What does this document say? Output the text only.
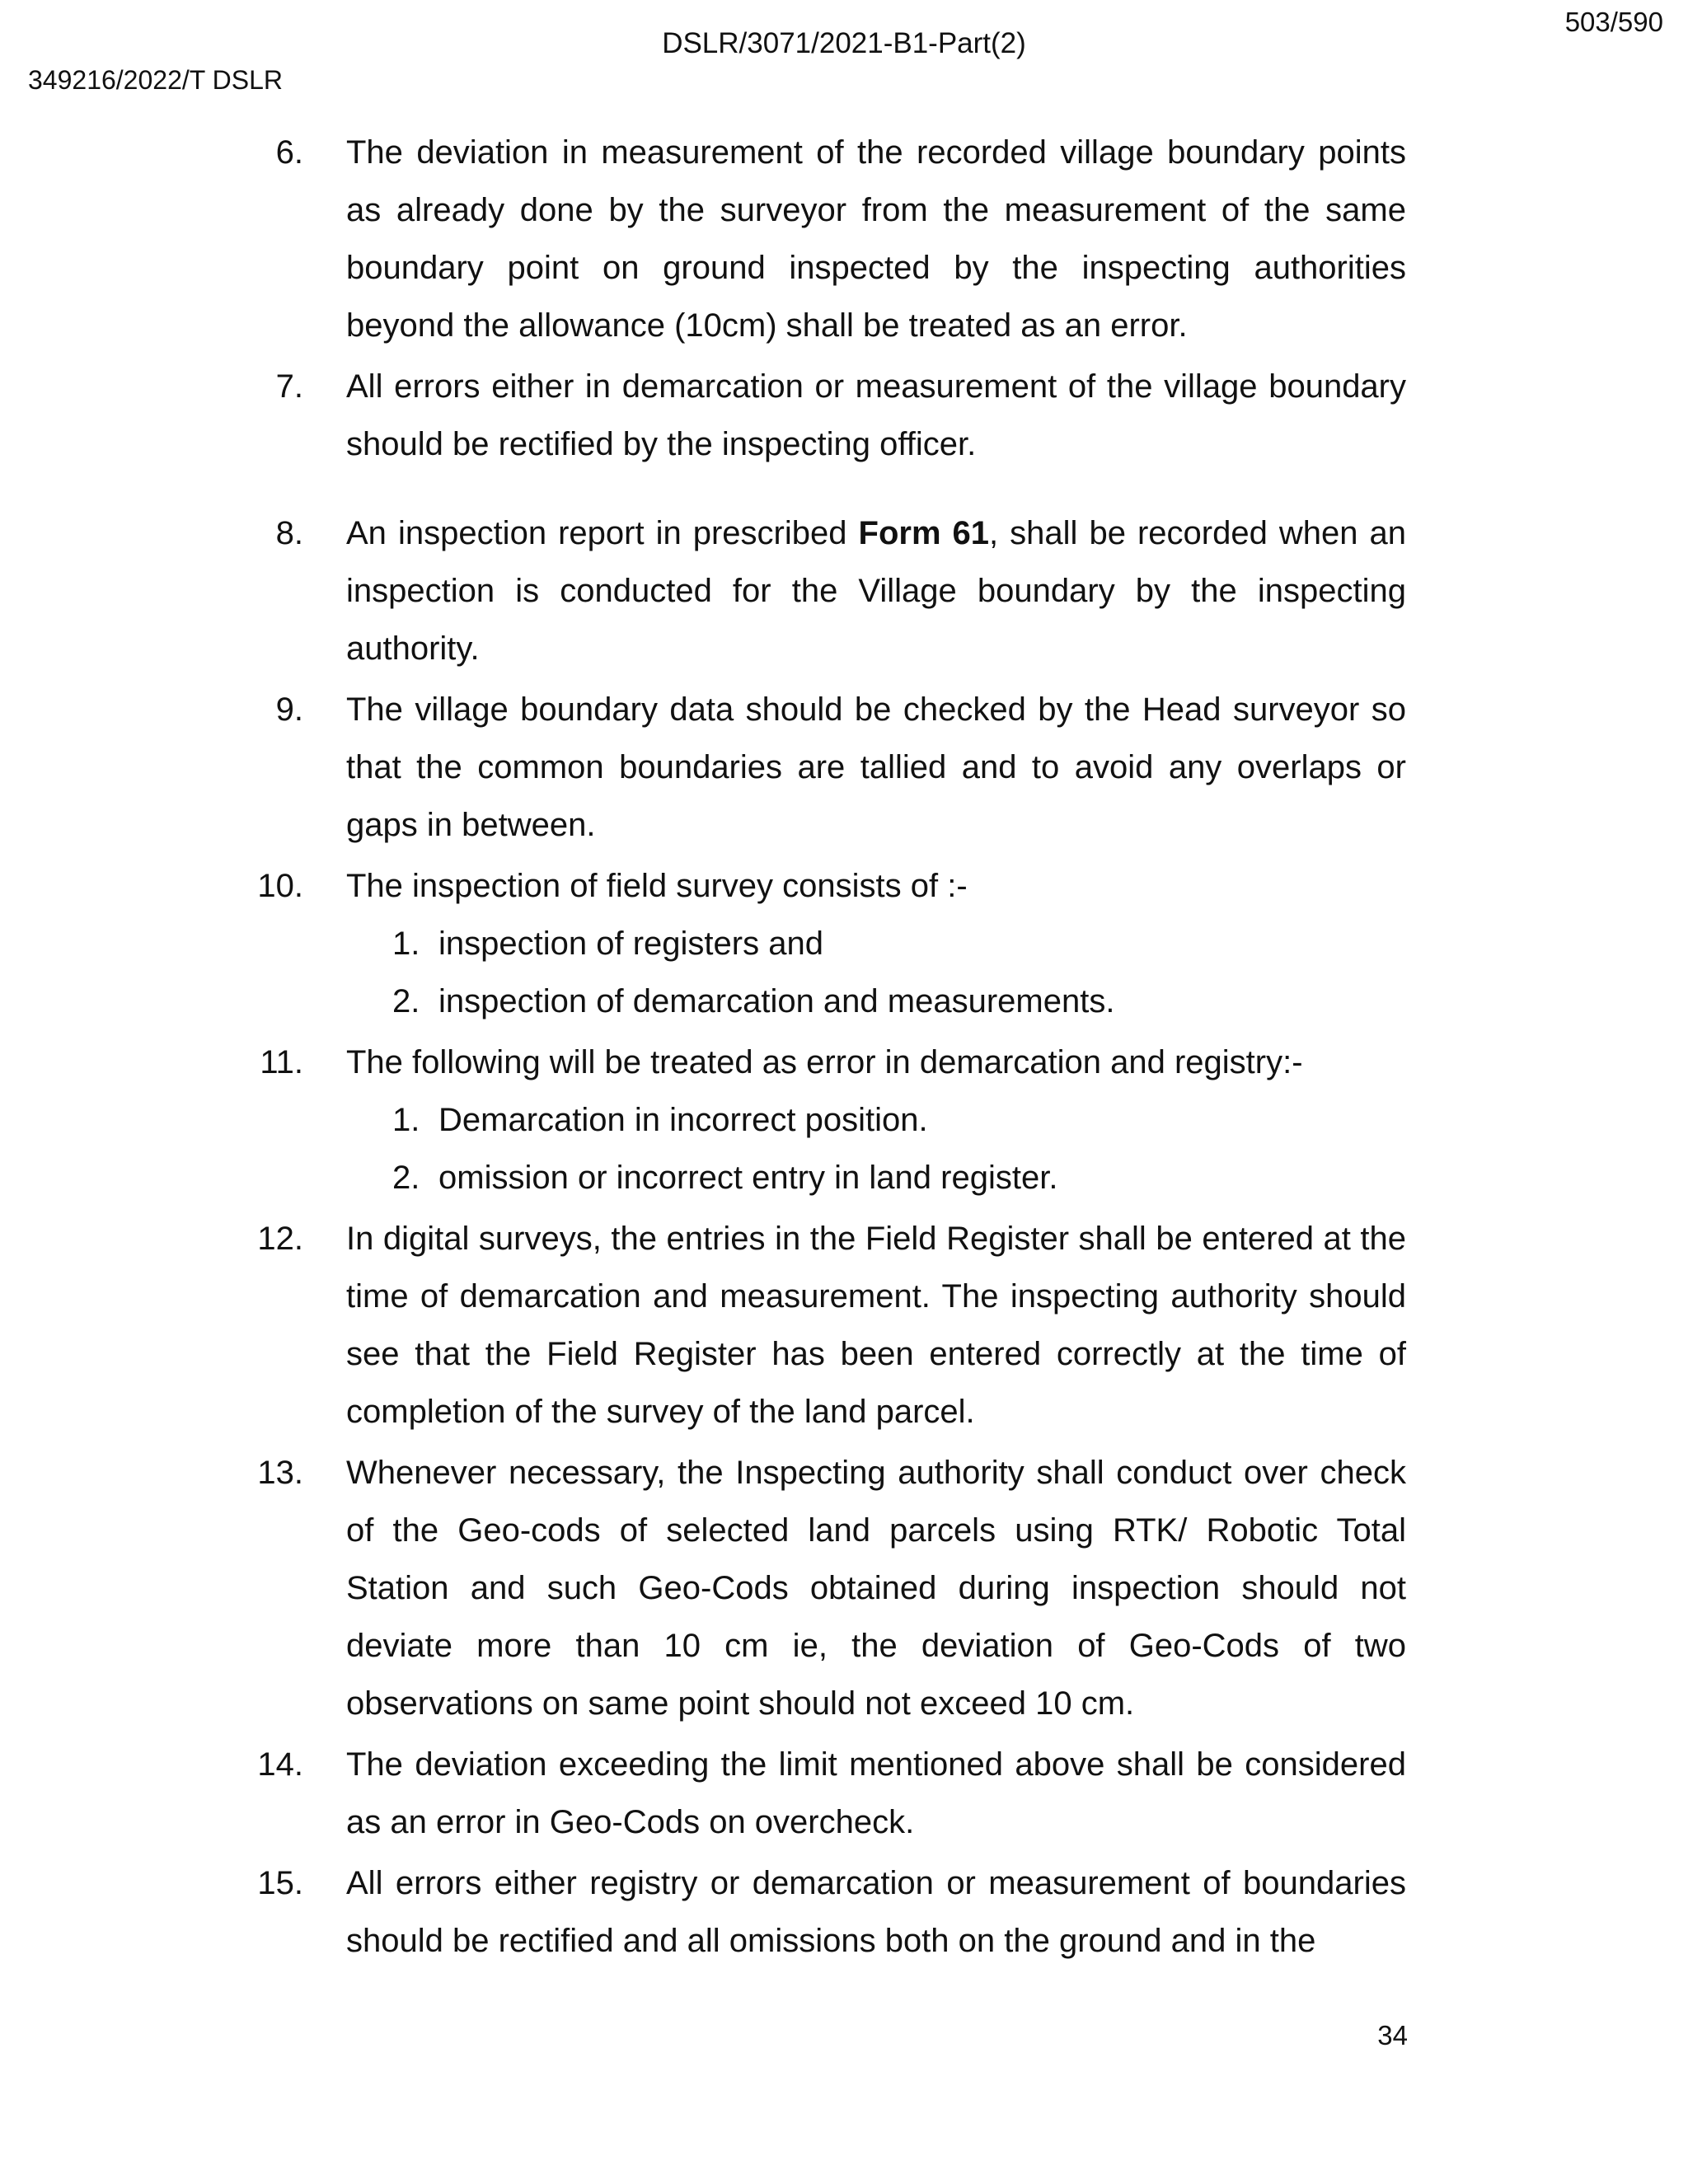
DSLR/3071/2021-B1-Part(2)
503/590
349216/2022/T DSLR
6. The deviation in measurement of the recorded village boundary points as already done by the surveyor from the measurement of the same boundary point on ground inspected by the inspecting authorities beyond the allowance (10cm) shall be treated as an error.
7. All errors either in demarcation or measurement of the village boundary should be rectified by the inspecting officer.
8. An inspection report in prescribed Form 61, shall be recorded when an inspection is conducted for the Village boundary by the inspecting authority.
9. The village boundary data should be checked by the Head surveyor so that the common boundaries are tallied and to avoid any overlaps or gaps in between.
10. The inspection of field survey consists of :-
1. inspection of registers and
2. inspection of demarcation and measurements.
11. The following will be treated as error in demarcation and registry:-
1. Demarcation in incorrect position.
2. omission or incorrect entry in land register.
12. In digital surveys, the entries in the Field Register shall be entered at the time of demarcation and measurement. The inspecting authority should see that the Field Register has been entered correctly at the time of completion of the survey of the land parcel.
13. Whenever necessary, the Inspecting authority shall conduct over check of the Geo-cods of selected land parcels using RTK/ Robotic Total Station and such Geo-Cods obtained during inspection should not deviate more than 10 cm ie, the deviation of Geo-Cods of two observations on same point should not exceed 10 cm.
14. The deviation exceeding the limit mentioned above shall be considered as an error in Geo-Cods on overcheck.
15. All errors either registry or demarcation or measurement of boundaries should be rectified and all omissions both on the ground and in the
34
